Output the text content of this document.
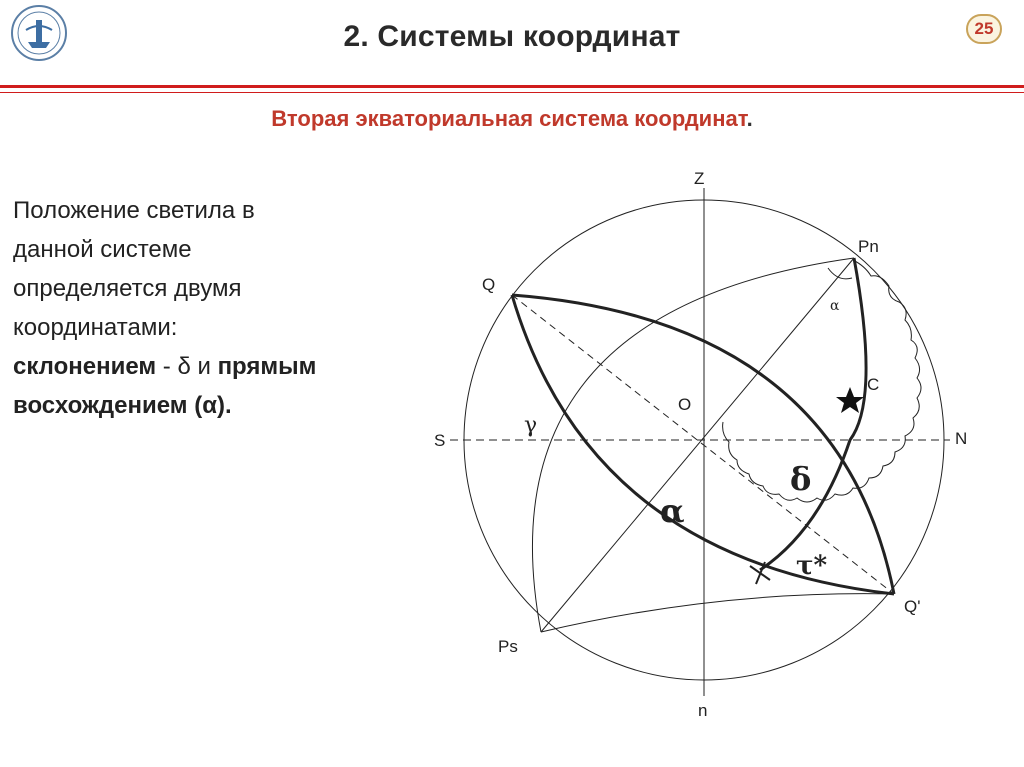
2. Системы координат	25
Вторая экваториальная система координат.
Положение светила в
данной системе
определяется двумя
координатами:
склонением - δ и прямым
восхождением (α).
Z
Pn
Q
α
C
O
γ
S	N
δ
α
τ*
Q'
Ps
n
